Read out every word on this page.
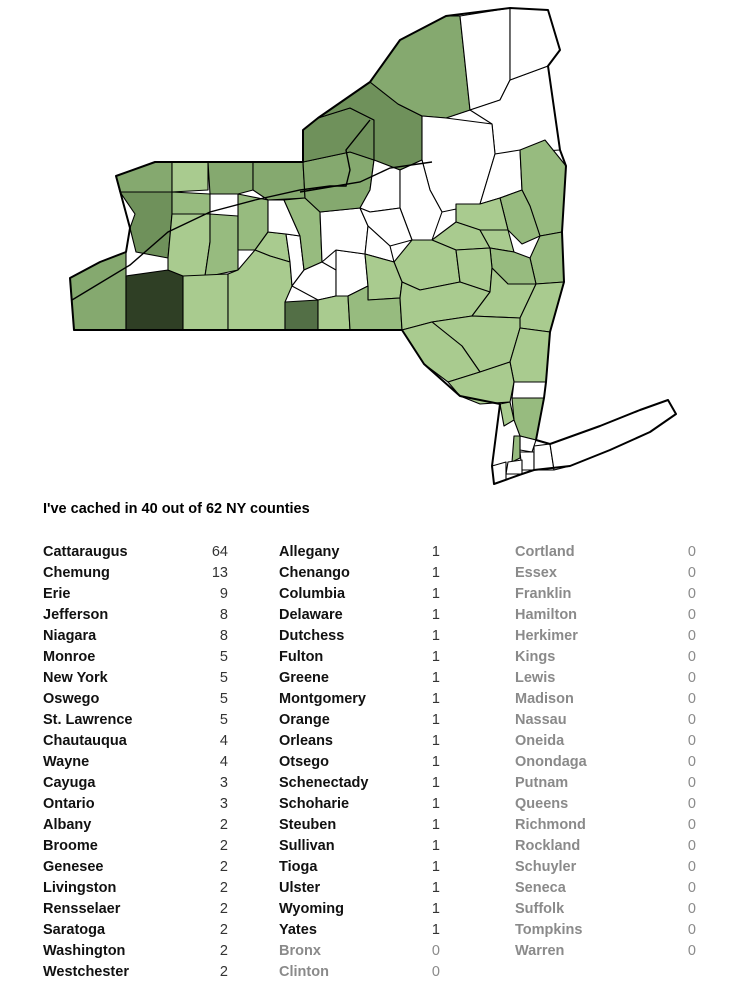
I've cached in 40 out of 62 NY counties

Cattaraugus	64
Chemung	13
Erie	9
Jefferson	8
Niagara	8
Monroe	5
New York	5
Oswego	5
St. Lawrence	5
Chautauqua	4
Wayne	4
Cayuga	3
Ontario	3
Albany	2
Broome	2
Genesee	2
Livingston	2
Rensselaer	2
Saratoga	2
Washington	2
Westchester	2
Allegany	1
Chenango	1
Columbia	1
Delaware	1
Dutchess	1
Fulton	1
Greene	1
Montgomery	1
Orange	1
Orleans	1
Otsego	1
Schenectady	1
Schoharie	1
Steuben	1
Sullivan	1
Tioga	1
Ulster	1
Wyoming	1
Yates	1
Bronx	0
Clinton	0
Cortland	0
Essex	0
Franklin	0
Hamilton	0
Herkimer	0
Kings	0
Lewis	0
Madison	0
Nassau	0
Oneida	0
Onondaga	0
Putnam	0
Queens	0
Richmond	0
Rockland	0
Schuyler	0
Seneca	0
Suffolk	0
Tompkins	0
Warren	0
